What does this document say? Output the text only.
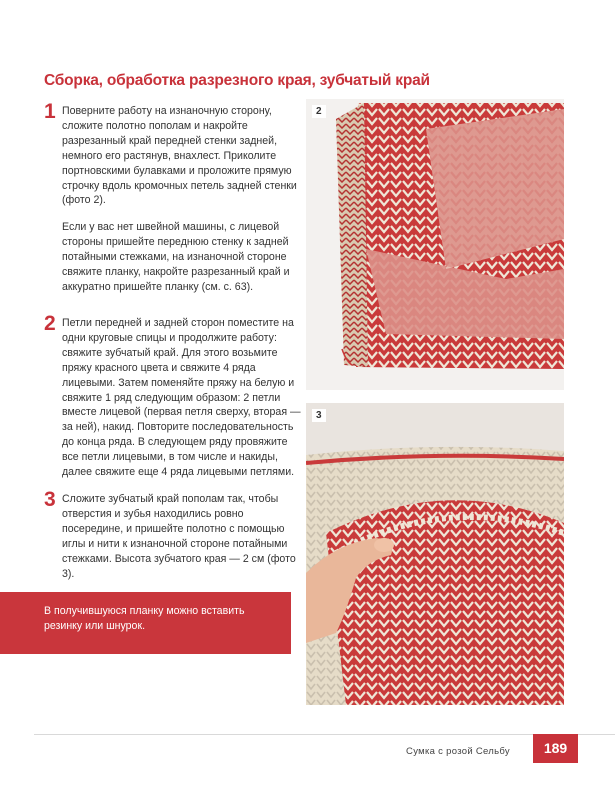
Сборка, обработка разрезного края, зубчатый край
1 Поверните работу на изнаночную сторону, сложите полотно пополам и накройте разрезанный край передней стенки задней, немного его растянув, внахлест. Приколите портновскими булавками и проложите прямую строчку вдоль кромочных петель задней стенки (фото 2).

Если у вас нет швейной машины, с лицевой стороны пришейте переднюю стенку к задней потайными стежками, на изнаночной стороне свяжите планку, накройте разрезанный край и аккуратно пришейте планку (см. с. 63).

2 Петли передней и задней сторон поместите на одни круговые спицы и продолжите работу: свяжите зубчатый край. Для этого возьмите пряжу красного цвета и свяжите 4 ряда лицевыми. Затем поменяйте пряжу на белую и свяжите 1 ряд следующим образом: 2 петли вместе лицевой (первая петля сверху, вторая — за ней), накид. Повторите последовательность до конца ряда. В следующем ряду провяжите все петли лицевыми, в том числе и накиды, далее свяжите еще 4 ряда лицевыми петлями.

3 Сложите зубчатый край пополам так, чтобы отверстия и зубья находились ровно посередине, и пришейте полотно с помощью иглы и нити к изнаночной стороне потайными стежками. Высота зубчатого края — 2 см (фото 3).

В получившуюся планку можно вставить резинку или шнурок.

2
3
Сумка с розой Сельбу	189
PassionForum.ru
